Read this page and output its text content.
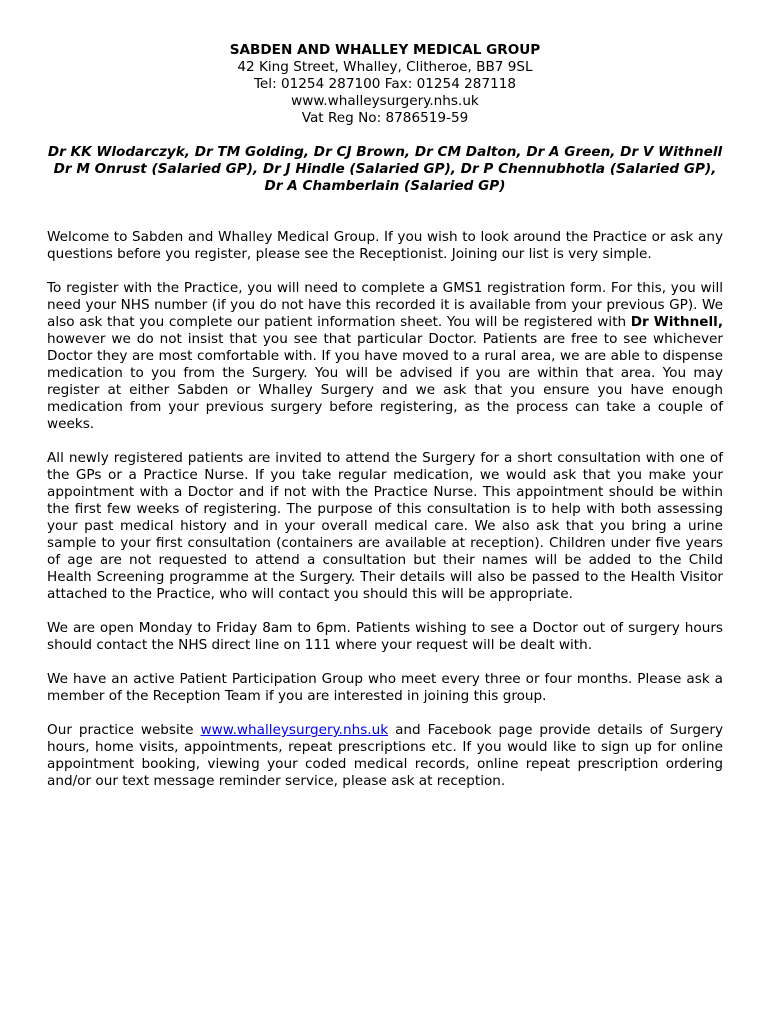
SABDEN AND WHALLEY MEDICAL GROUP
42 King Street, Whalley, Clitheroe, BB7 9SL
Tel: 01254 287100 Fax: 01254 287118
www.whalleysurgery.nhs.uk
Vat Reg No: 8786519-59
Dr KK Wlodarczyk, Dr TM Golding, Dr CJ Brown, Dr CM Dalton, Dr A Green, Dr V Withnell
Dr M Onrust (Salaried GP), Dr J Hindle (Salaried GP), Dr P Chennubhotla (Salaried GP),
Dr A Chamberlain (Salaried GP)

Welcome to Sabden and Whalley Medical Group. If you wish to look around the Practice or ask any questions before you register, please see the Receptionist. Joining our list is very simple.

To register with the Practice, you will need to complete a GMS1 registration form. For this, you will need your NHS number (if you do not have this recorded it is available from your previous GP). We also ask that you complete our patient information sheet. You will be registered with Dr Withnell, however we do not insist that you see that particular Doctor. Patients are free to see whichever Doctor they are most comfortable with. If you have moved to a rural area, we are able to dispense medication to you from the Surgery. You will be advised if you are within that area. You may register at either Sabden or Whalley Surgery and we ask that you ensure you have enough medication from your previous surgery before registering, as the process can take a couple of weeks.

All newly registered patients are invited to attend the Surgery for a short consultation with one of the GPs or a Practice Nurse. If you take regular medication, we would ask that you make your appointment with a Doctor and if not with the Practice Nurse. This appointment should be within the first few weeks of registering. The purpose of this consultation is to help with both assessing your past medical history and in your overall medical care. We also ask that you bring a urine sample to your first consultation (containers are available at reception). Children under five years of age are not requested to attend a consultation but their names will be added to the Child Health Screening programme at the Surgery. Their details will also be passed to the Health Visitor attached to the Practice, who will contact you should this will be appropriate.

We are open Monday to Friday 8am to 6pm. Patients wishing to see a Doctor out of surgery hours should contact the NHS direct line on 111 where your request will be dealt with.

We have an active Patient Participation Group who meet every three or four months. Please ask a member of the Reception Team if you are interested in joining this group.

Our practice website www.whalleysurgery.nhs.uk and Facebook page provide details of Surgery hours, home visits, appointments, repeat prescriptions etc. If you would like to sign up for online appointment booking, viewing your coded medical records, online repeat prescription ordering and/or our text message reminder service, please ask at reception.
